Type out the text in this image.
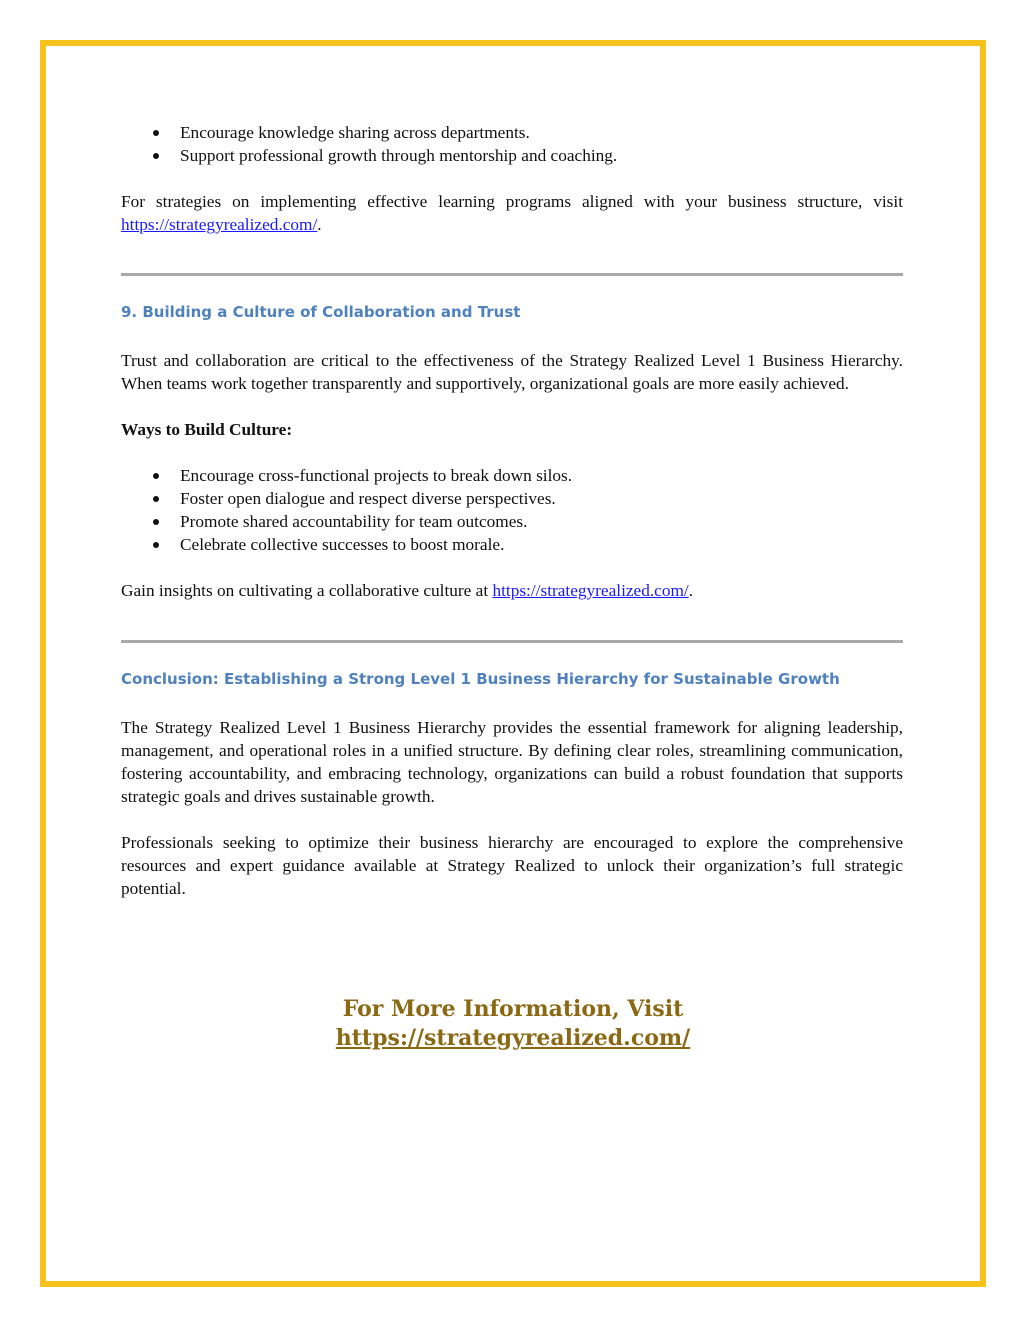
Encourage knowledge sharing across departments.
Support professional growth through mentorship and coaching.

For strategies on implementing effective learning programs aligned with your business structure, visit https://strategyrealized.com/.

9. Building a Culture of Collaboration and Trust

Trust and collaboration are critical to the effectiveness of the Strategy Realized Level 1 Business Hierarchy. When teams work together transparently and supportively, organizational goals are more easily achieved.

Ways to Build Culture:

Encourage cross-functional projects to break down silos.
Foster open dialogue and respect diverse perspectives.
Promote shared accountability for team outcomes.
Celebrate collective successes to boost morale.

Gain insights on cultivating a collaborative culture at https://strategyrealized.com/.

Conclusion: Establishing a Strong Level 1 Business Hierarchy for Sustainable Growth

The Strategy Realized Level 1 Business Hierarchy provides the essential framework for aligning leadership, management, and operational roles in a unified structure. By defining clear roles, streamlining communication, fostering accountability, and embracing technology, organizations can build a robust foundation that supports strategic goals and drives sustainable growth.

Professionals seeking to optimize their business hierarchy are encouraged to explore the comprehensive resources and expert guidance available at Strategy Realized to unlock their organization’s full strategic potential.

For More Information, Visit
https://strategyrealized.com/
